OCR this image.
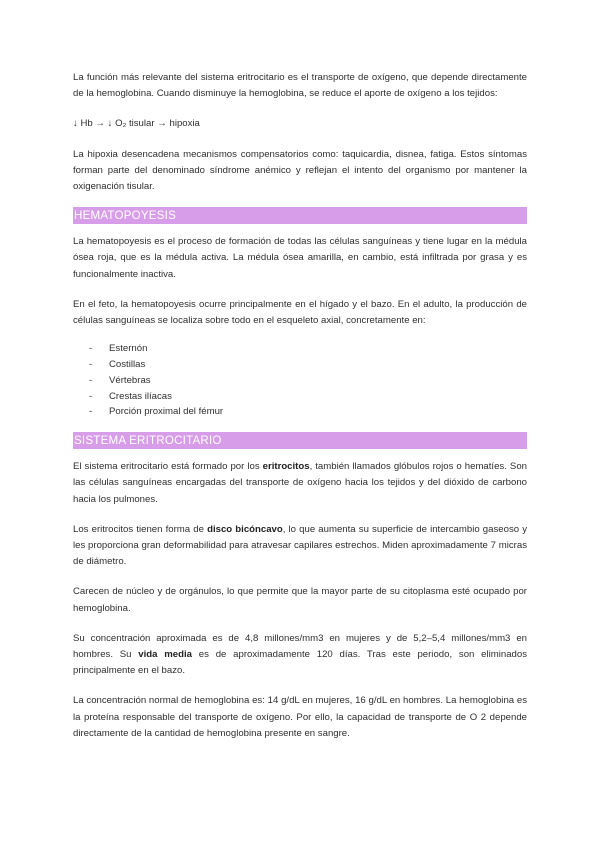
La función más relevante del sistema eritrocitario es el transporte de oxígeno, que depende directamente de la hemoglobina. Cuando disminuye la hemoglobina, se reduce el aporte de oxígeno a los tejidos:

↓ Hb → ↓ O₂ tisular → hipoxia

La hipoxia desencadena mecanismos compensatorios como: taquicardia, disnea, fatiga. Estos síntomas forman parte del denominado síndrome anémico y reflejan el intento del organismo por mantener la oxigenación tisular.

HEMATOPOYESIS

La hematopoyesis es el proceso de formación de todas las células sanguíneas y tiene lugar en la médula ósea roja, que es la médula activa. La médula ósea amarilla, en cambio, está infiltrada por grasa y es funcionalmente inactiva.

En el feto, la hematopoyesis ocurre principalmente en el hígado y el bazo. En el adulto, la producción de células sanguíneas se localiza sobre todo en el esqueleto axial, concretamente en:

-	Esternón
-	Costillas
-	Vértebras
-	Crestas ilíacas
-	Porción proximal del fémur
SISTEMA ERITROCITARIO

El sistema eritrocitario está formado por los eritrocitos, también llamados glóbulos rojos o hematíes. Son las células sanguíneas encargadas del transporte de oxígeno hacia los tejidos y del dióxido de carbono hacia los pulmones.

Los eritrocitos tienen forma de disco bicóncavo, lo que aumenta su superficie de intercambio gaseoso y les proporciona gran deformabilidad para atravesar capilares estrechos. Miden aproximadamente 7 micras de diámetro.

Carecen de núcleo y de orgánulos, lo que permite que la mayor parte de su citoplasma esté ocupado por hemoglobina.

Su concentración aproximada es de 4,8 millones/mm3 en mujeres y de 5,2–5,4 millones/mm3 en hombres. Su vida media es de aproximadamente 120 días. Tras este periodo, son eliminados principalmente en el bazo.

La concentración normal de hemoglobina es: 14 g/dL en mujeres, 16 g/dL en hombres. La hemoglobina es la proteína responsable del transporte de oxígeno. Por ello, la capacidad de transporte de O 2 depende directamente de la cantidad de hemoglobina presente en sangre.
